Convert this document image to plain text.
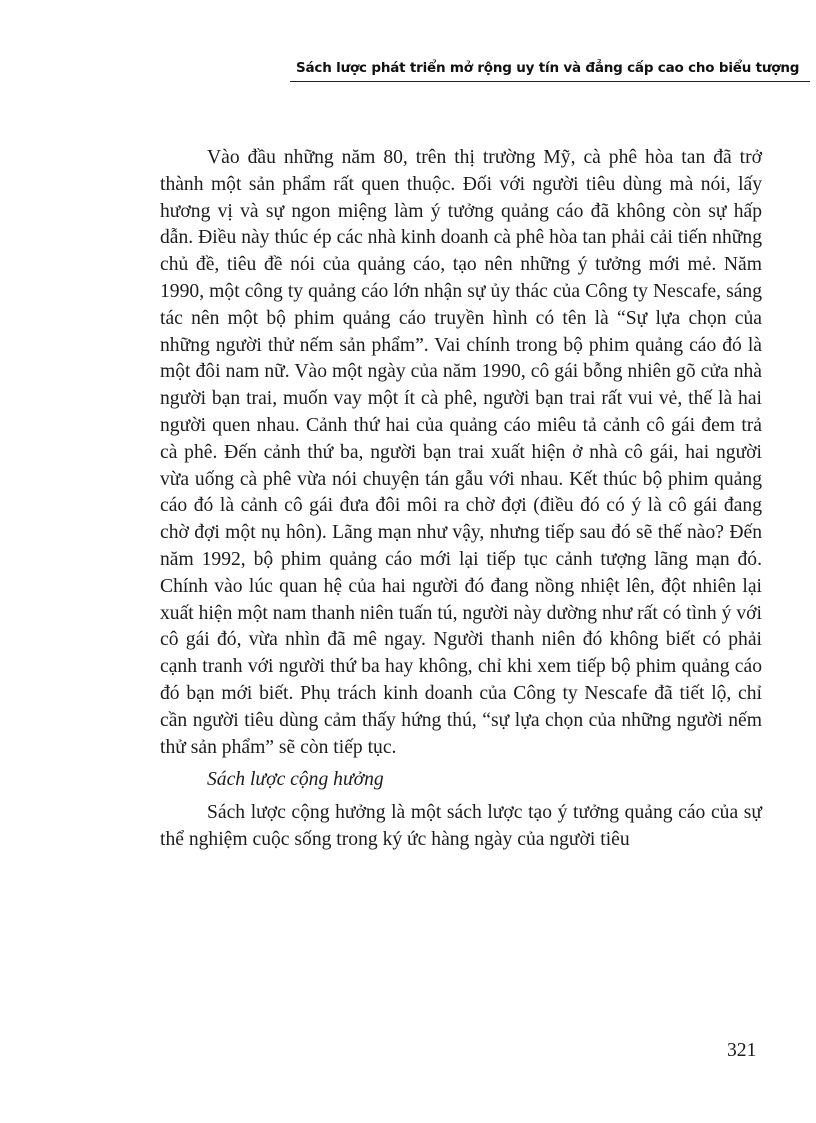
Sách lược phát triển mở rộng uy tín và đẳng cấp cao cho biểu tượng

Vào đầu những năm 80, trên thị trường Mỹ, cà phê hòa tan đã trở thành một sản phẩm rất quen thuộc. Đối với người tiêu dùng mà nói, lấy hương vị và sự ngon miệng làm ý tưởng quảng cáo đã không còn sự hấp dẫn. Điều này thúc ép các nhà kinh doanh cà phê hòa tan phải cải tiến những chủ đề, tiêu đề nói của quảng cáo, tạo nên những ý tưởng mới mẻ. Năm 1990, một công ty quảng cáo lớn nhận sự ủy thác của Công ty Nescafe, sáng tác nên một bộ phim quảng cáo truyền hình có tên là “Sự lựa chọn của những người thử nếm sản phẩm”. Vai chính trong bộ phim quảng cáo đó là một đôi nam nữ. Vào một ngày của năm 1990, cô gái bỗng nhiên gõ cửa nhà người bạn trai, muốn vay một ít cà phê, người bạn trai rất vui vẻ, thế là hai người quen nhau. Cảnh thứ hai của quảng cáo miêu tả cảnh cô gái đem trả cà phê. Đến cảnh thứ ba, người bạn trai xuất hiện ở nhà cô gái, hai người vừa uống cà phê vừa nói chuyện tán gẫu với nhau. Kết thúc bộ phim quảng cáo đó là cảnh cô gái đưa đôi môi ra chờ đợi (điều đó có ý là cô gái đang chờ đợi một nụ hôn). Lãng mạn như vậy, nhưng tiếp sau đó sẽ thế nào? Đến năm 1992, bộ phim quảng cáo mới lại tiếp tục cảnh tượng lãng mạn đó. Chính vào lúc quan hệ của hai người đó đang nồng nhiệt lên, đột nhiên lại xuất hiện một nam thanh niên tuấn tú, người này dường như rất có tình ý với cô gái đó, vừa nhìn đã mê ngay. Người thanh niên đó không biết có phải cạnh tranh với người thứ ba hay không, chỉ khi xem tiếp bộ phim quảng cáo đó bạn mới biết. Phụ trách kinh doanh của Công ty Nescafe đã tiết lộ, chỉ cần người tiêu dùng cảm thấy hứng thú, “sự lựa chọn của những người nếm thử sản phẩm” sẽ còn tiếp tục.

Sách lược cộng hưởng

Sách lược cộng hưởng là một sách lược tạo ý tưởng quảng cáo của sự thể nghiệm cuộc sống trong ký ức hàng ngày của người tiêu

321
